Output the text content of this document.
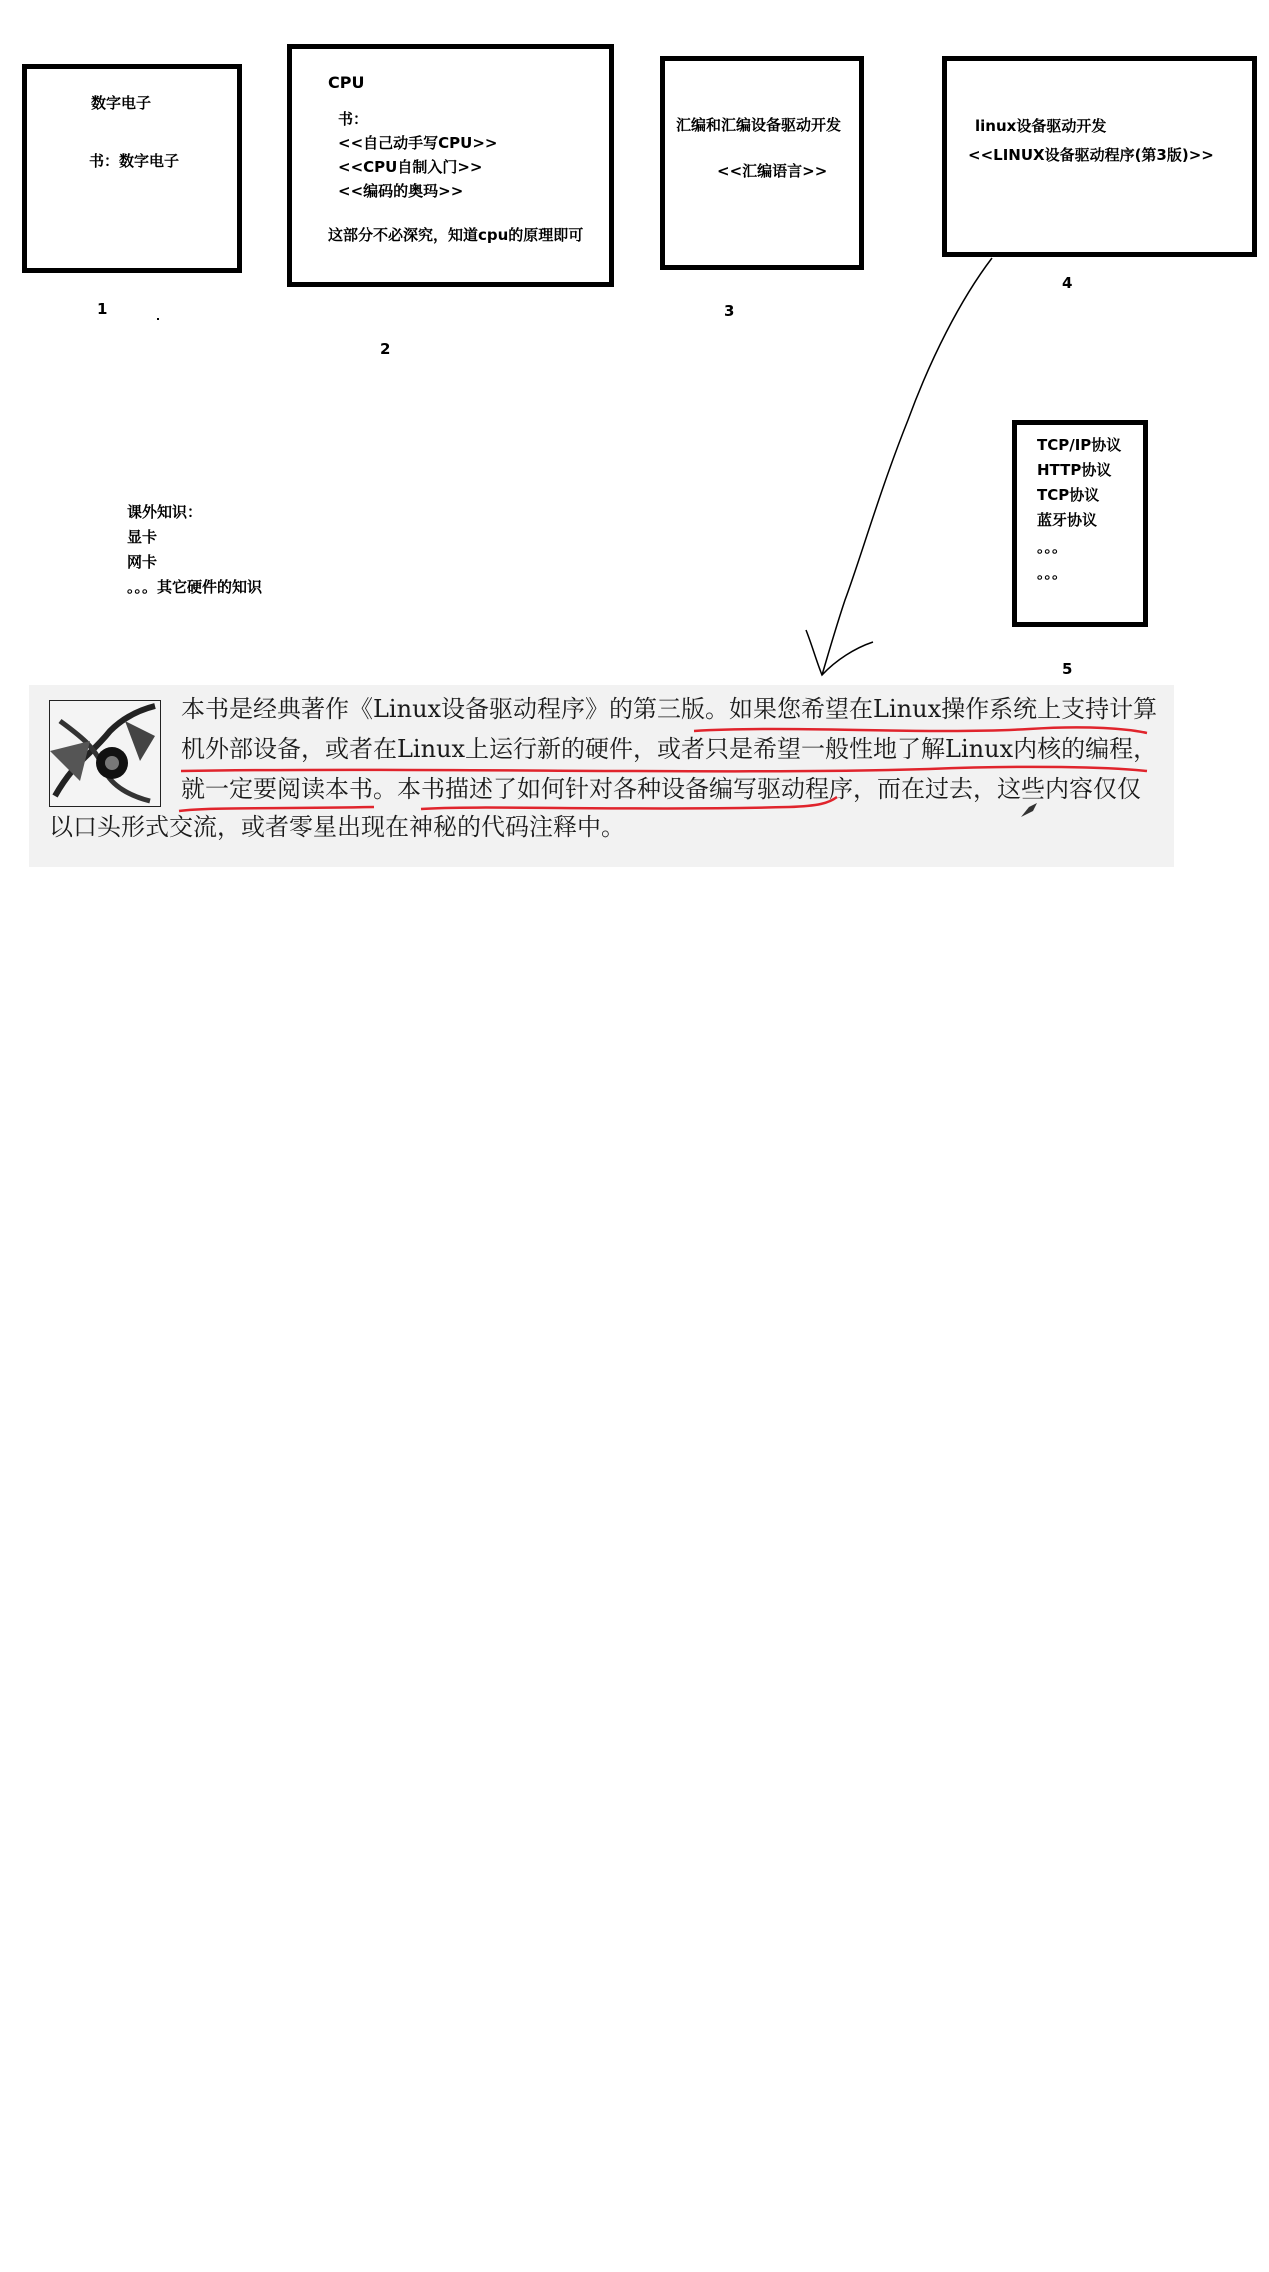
数字电子
书：数字电子
1
CPU
书：
<<自己动手写CPU>>
<<CPU自制入门>>
<<编码的奥玛>>
这部分不必深究，知道cpu的原理即可
2
汇编和汇编设备驱动开发
<<汇编语言>>
3
linux设备驱动开发
<<LINUX设备驱动程序(第3版)>>
4
TCP/IP协议
HTTP协议
TCP协议
蓝牙协议
。。。
。。。
5
课外知识：
显卡
网卡
。。。其它硬件的知识
本书是经典著作《Linux设备驱动程序》的第三版。如果您希望在Linux操作系统上支持计算
机外部设备，或者在Linux上运行新的硬件，或者只是希望一般性地了解Linux内核的编程，
就一定要阅读本书。本书描述了如何针对各种设备编写驱动程序，而在过去，这些内容仅仅
以口头形式交流，或者零星出现在神秘的代码注释中。
